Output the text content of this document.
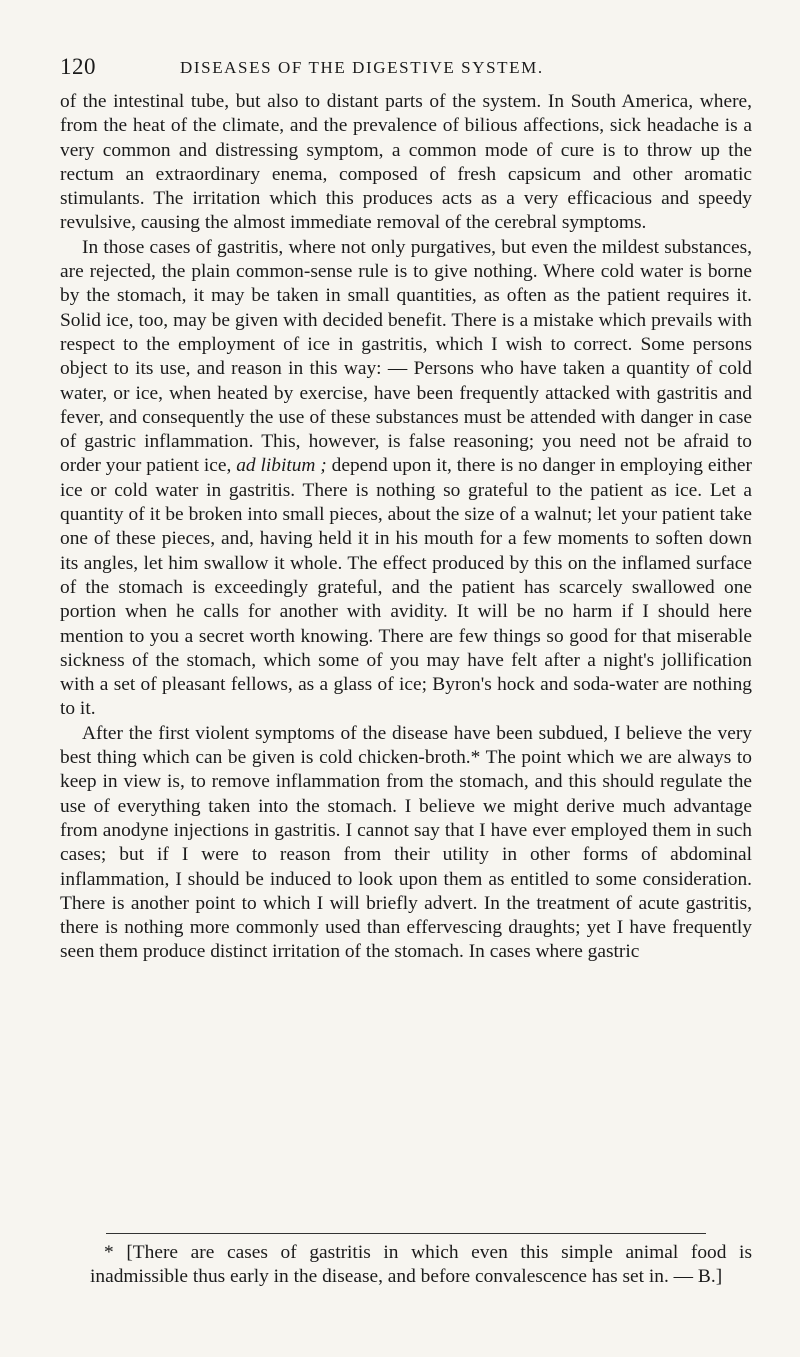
120	DISEASES OF THE DIGESTIVE SYSTEM.

of the intestinal tube, but also to distant parts of the system. In South America, where, from the heat of the climate, and the prevalence of bilious affections, sick headache is a very common and distressing symptom, a common mode of cure is to throw up the rectum an extraordinary enema, composed of fresh capsicum and other aromatic stimulants. The irritation which this produces acts as a very efficacious and speedy revulsive, causing the almost immediate removal of the cerebral symptoms.

In those cases of gastritis, where not only purgatives, but even the mildest substances, are rejected, the plain common-sense rule is to give nothing. Where cold water is borne by the stomach, it may be taken in small quantities, as often as the patient requires it. Solid ice, too, may be given with decided benefit. There is a mistake which prevails with respect to the employment of ice in gastritis, which I wish to correct. Some persons object to its use, and reason in this way: — Persons who have taken a quantity of cold water, or ice, when heated by exercise, have been frequently attacked with gastritis and fever, and consequently the use of these substances must be attended with danger in case of gastric inflammation. This, however, is false reasoning; you need not be afraid to order your patient ice, ad libitum ; depend upon it, there is no danger in employing either ice or cold water in gastritis. There is nothing so grateful to the patient as ice. Let a quantity of it be broken into small pieces, about the size of a walnut; let your patient take one of these pieces, and, having held it in his mouth for a few moments to soften down its angles, let him swallow it whole. The effect produced by this on the inflamed surface of the stomach is exceedingly grateful, and the patient has scarcely swallowed one portion when he calls for another with avidity. It will be no harm if I should here mention to you a secret worth knowing. There are few things so good for that miserable sickness of the stomach, which some of you may have felt after a night's jollification with a set of pleasant fellows, as a glass of ice; Byron's hock and soda-water are nothing to it.

After the first violent symptoms of the disease have been subdued, I believe the very best thing which can be given is cold chicken-broth.* The point which we are always to keep in view is, to remove inflammation from the stomach, and this should regulate the use of everything taken into the stomach. I believe we might derive much advantage from anodyne injections in gastritis. I cannot say that I have ever employed them in such cases; but if I were to reason from their utility in other forms of abdominal inflammation, I should be induced to look upon them as entitled to some consideration. There is another point to which I will briefly advert. In the treatment of acute gastritis, there is nothing more commonly used than effervescing draughts; yet I have frequently seen them produce distinct irritation of the stomach. In cases where gastric

* [There are cases of gastritis in which even this simple animal food is inadmissible thus early in the disease, and before convalescence has set in. — B.]
